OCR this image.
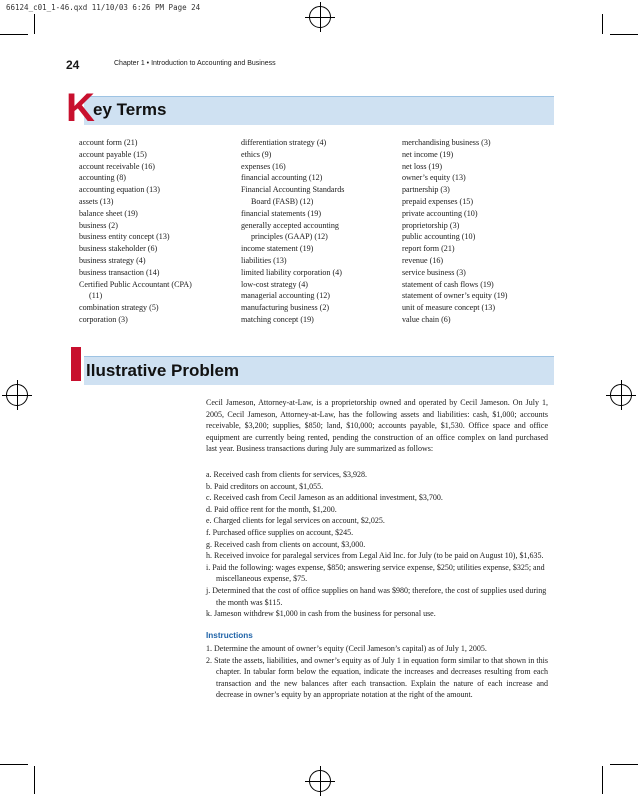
66124_c01_1-46.qxd 11/10/03 6:26 PM Page 24
24	Chapter 1 • Introduction to Accounting and Business
K
ey Terms
account form (21)
account payable (15)
account receivable (16)
accounting (8)
accounting equation (13)
assets (13)
balance sheet (19)
business (2)
business entity concept (13)
business stakeholder (6)
business strategy (4)
business transaction (14)
Certified Public Accountant (CPA)
(11)
combination strategy (5)
corporation (3)
differentiation strategy (4)
ethics (9)
expenses (16)
financial accounting (12)
Financial Accounting Standards
Board (FASB) (12)
financial statements (19)
generally accepted accounting
principles (GAAP) (12)
income statement (19)
liabilities (13)
limited liability corporation (4)
low-cost strategy (4)
managerial accounting (12)
manufacturing business (2)
matching concept (19)
merchandising business (3)
net income (19)
net loss (19)
owner’s equity (13)
partnership (3)
prepaid expenses (15)
private accounting (10)
proprietorship (3)
public accounting (10)
report form (21)
revenue (16)
service business (3)
statement of cash flows (19)
statement of owner’s equity (19)
unit of measure concept (13)
value chain (6)
llustrative Problem
Cecil Jameson, Attorney-at-Law, is a proprietorship owned and operated by Cecil Jameson. On July 1, 2005, Cecil Jameson, Attorney-at-Law, has the following assets and liabilities: cash, $1,000; accounts receivable, $3,200; supplies, $850; land, $10,000; accounts payable, $1,530. Office space and office equipment are currently being rented, pending the construction of an office complex on land purchased last year. Business transactions during July are summarized as follows:
a. Received cash from clients for services, $3,928.
b. Paid creditors on account, $1,055.
c. Received cash from Cecil Jameson as an additional investment, $3,700.
d. Paid office rent for the month, $1,200.
e. Charged clients for legal services on account, $2,025.
f. Purchased office supplies on account, $245.
g. Received cash from clients on account, $3,000.
h. Received invoice for paralegal services from Legal Aid Inc. for July (to be paid on August 10), $1,635.
i. Paid the following: wages expense, $850; answering service expense, $250; utilities expense, $325; and miscellaneous expense, $75.
j. Determined that the cost of office supplies on hand was $980; therefore, the cost of supplies used during the month was $115.
k. Jameson withdrew $1,000 in cash from the business for personal use.
Instructions
1. Determine the amount of owner’s equity (Cecil Jameson’s capital) as of July 1, 2005.
2. State the assets, liabilities, and owner’s equity as of July 1 in equation form similar to that shown in this chapter. In tabular form below the equation, indicate the increases and decreases resulting from each transaction and the new balances after each transaction. Explain the nature of each increase and decrease in owner’s equity by an appropriate notation at the right of the amount.
